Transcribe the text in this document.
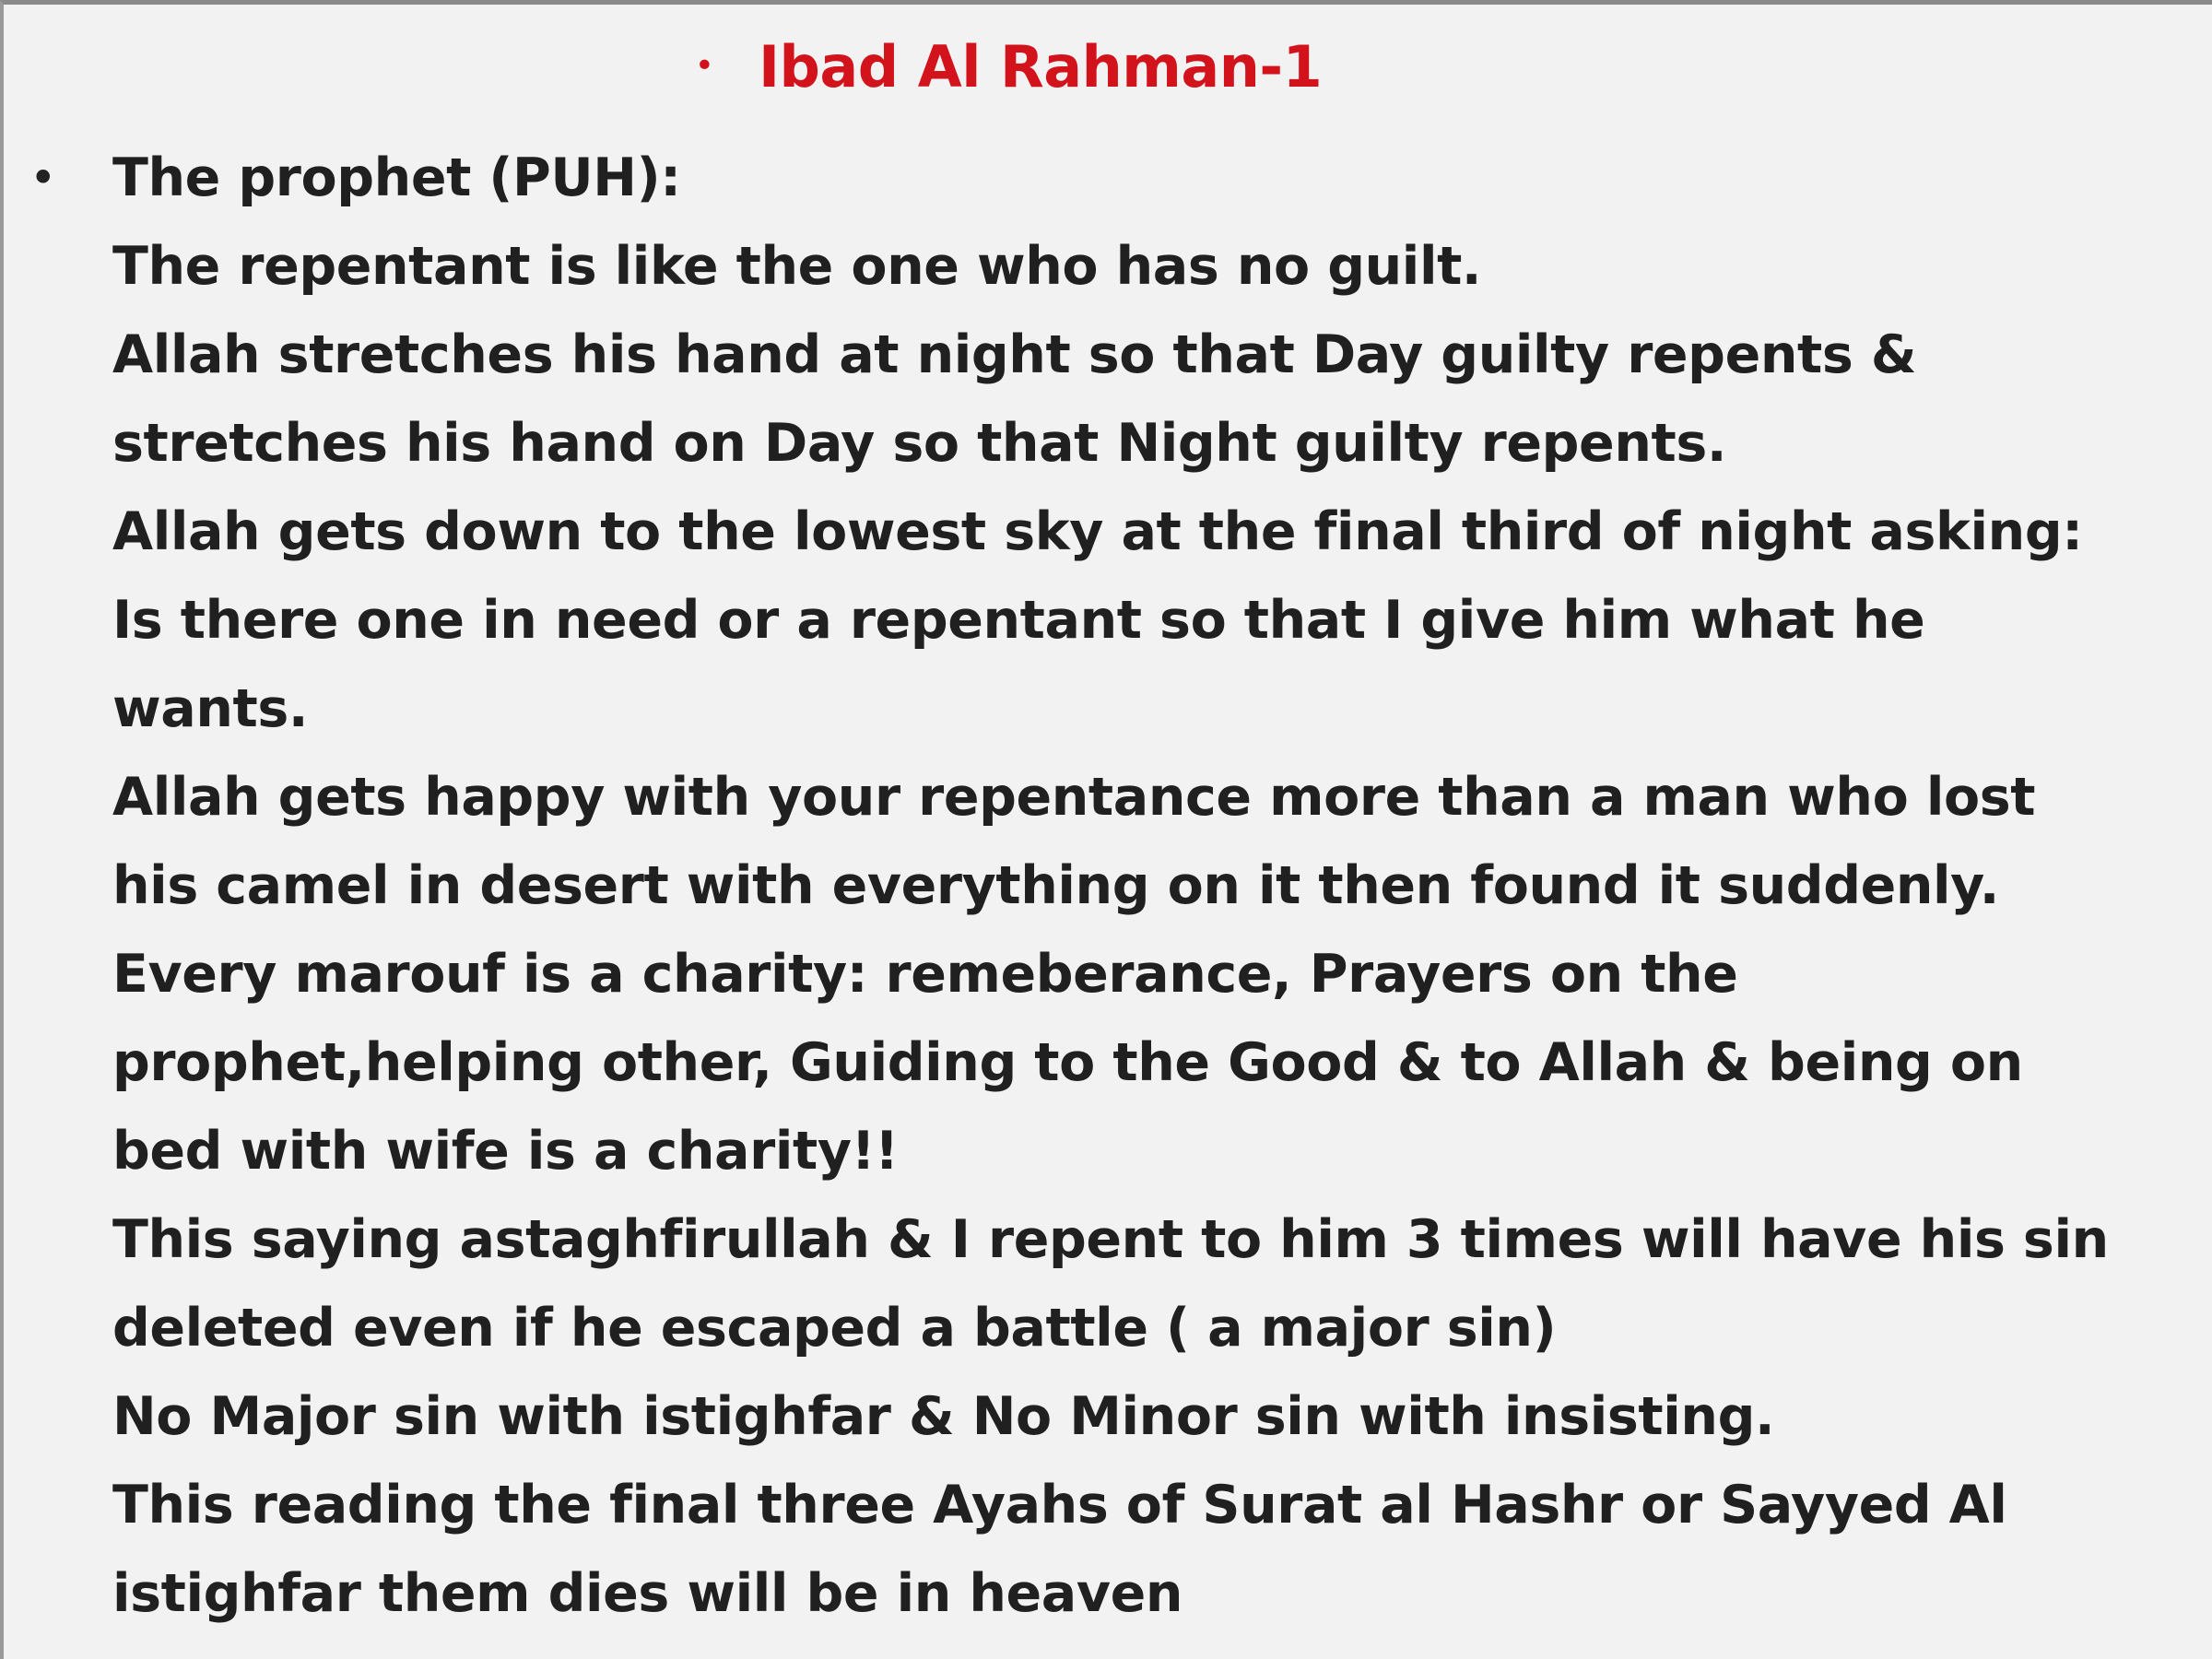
• Ibad Al Rahman-1
•	The prophet (PUH):
The repentant is like the one who has no guilt.
Allah stretches his hand at night so that Day guilty repents &
stretches his hand on Day so that Night guilty repents.
Allah gets down to the lowest sky at the final third of night asking:
Is there one in need or a repentant so that I give him what he
wants.
Allah gets happy with your repentance more than a man who lost
his camel in desert with everything on it then found it suddenly.
Every marouf is a charity: remeberance, Prayers on the
prophet,helping other, Guiding to the Good & to Allah & being on
bed with wife is a charity!!
This saying astaghfirullah & I repent to him 3 times will have his sin
deleted even if he escaped a battle ( a major sin)
No Major sin with istighfar & No Minor sin with insisting.
This reading the final three Ayahs of Surat al Hashr or Sayyed Al
istighfar them dies will be in heaven
